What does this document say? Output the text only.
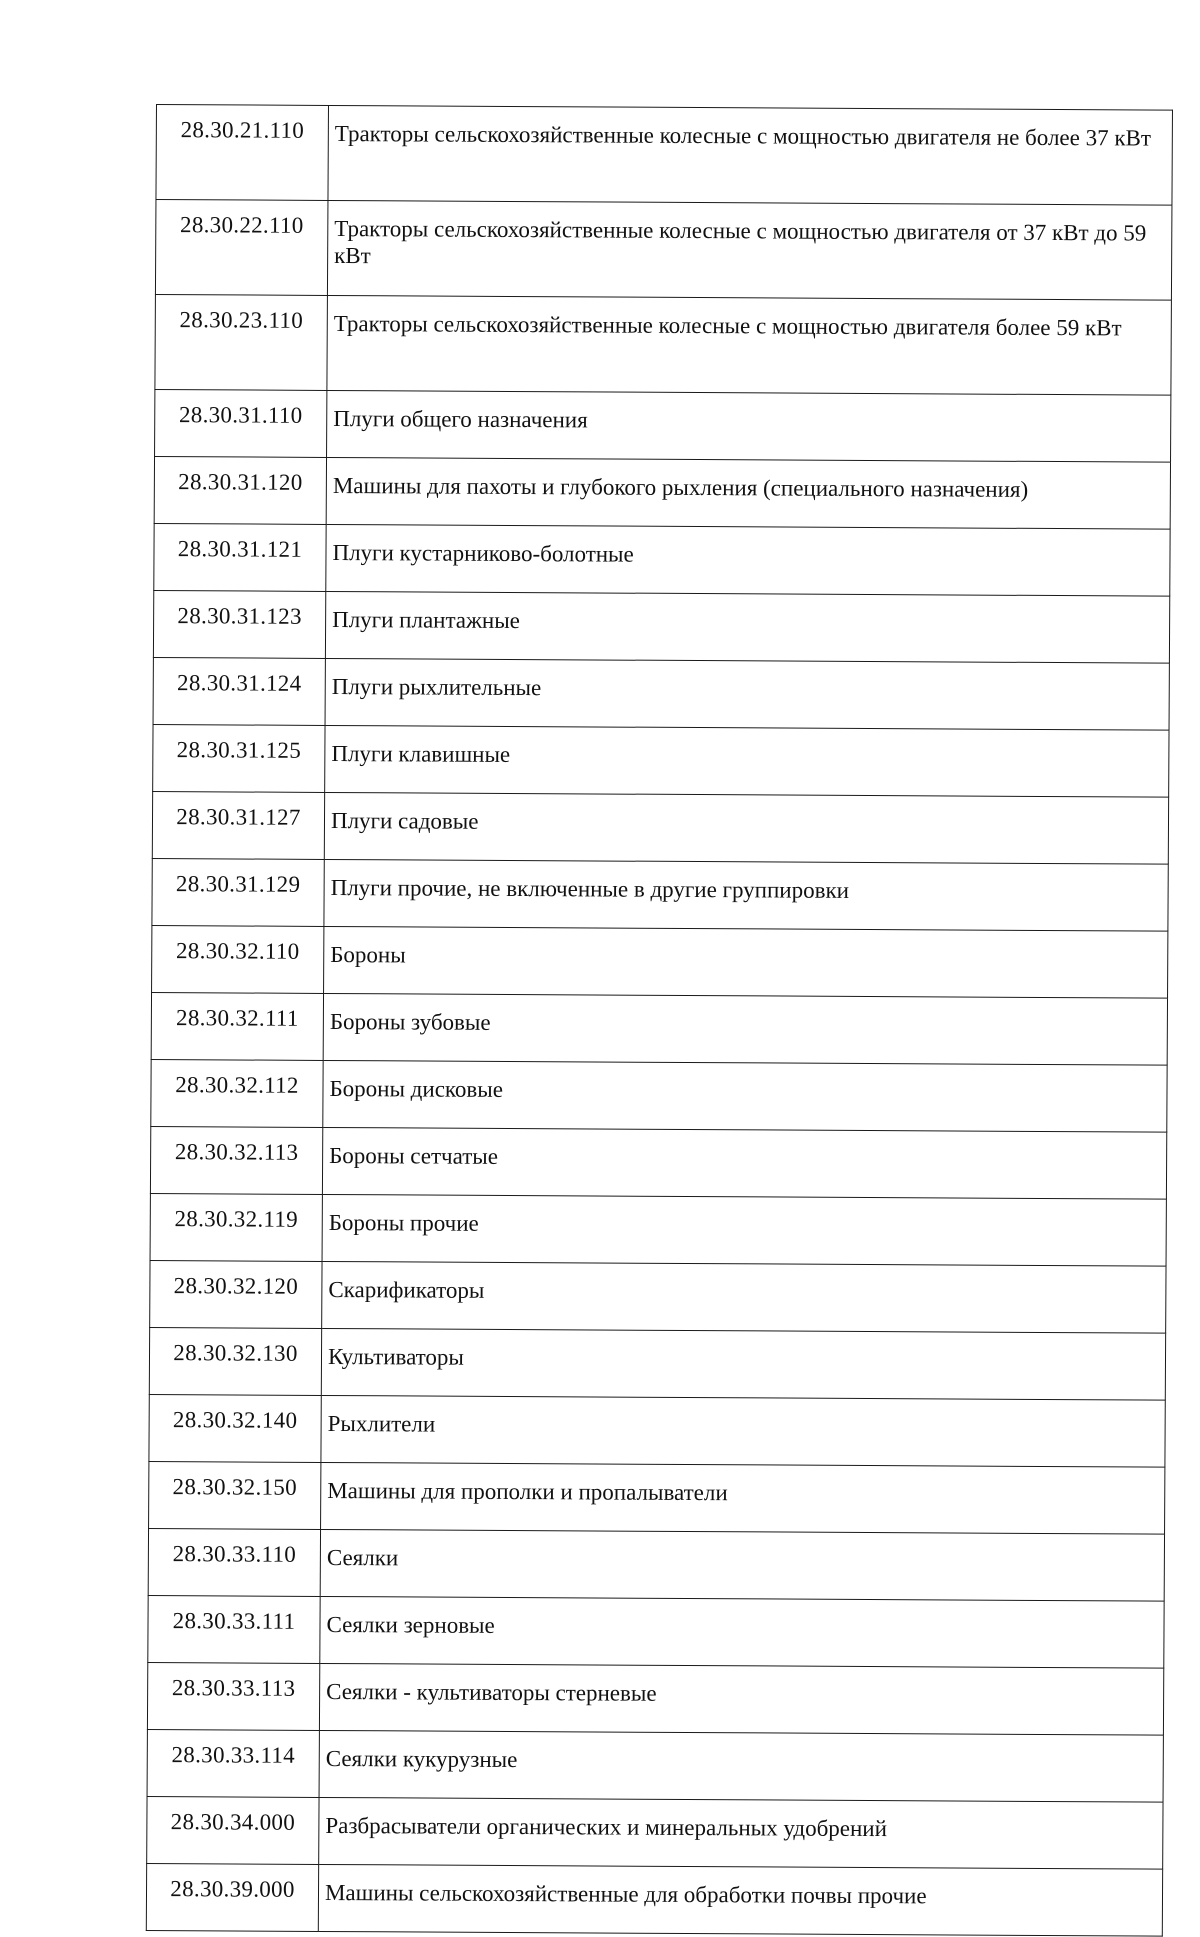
28.30.21.110	Тракторы сельскохозяйственные колесные с мощностью двигателя не более 37 кВт
28.30.22.110	Тракторы сельскохозяйственные колесные с мощностью двигателя от 37 кВт до 59 кВт
28.30.23.110	Тракторы сельскохозяйственные колесные с мощностью двигателя более 59 кВт
28.30.31.110	Плуги общего назначения
28.30.31.120	Машины для пахоты и глубокого рыхления (специального назначения)
28.30.31.121	Плуги кустарниково-болотные
28.30.31.123	Плуги плантажные
28.30.31.124	Плуги рыхлительные
28.30.31.125	Плуги клавишные
28.30.31.127	Плуги садовые
28.30.31.129	Плуги прочие, не включенные в другие группировки
28.30.32.110	Бороны
28.30.32.111	Бороны зубовые
28.30.32.112	Бороны дисковые
28.30.32.113	Бороны сетчатые
28.30.32.119	Бороны прочие
28.30.32.120	Скарификаторы
28.30.32.130	Культиваторы
28.30.32.140	Рыхлители
28.30.32.150	Машины для прополки и пропалыватели
28.30.33.110	Сеялки
28.30.33.111	Сеялки зерновые
28.30.33.113	Сеялки - культиваторы стерневые
28.30.33.114	Сеялки кукурузные
28.30.34.000	Разбрасыватели органических и минеральных удобрений
28.30.39.000	Машины сельскохозяйственные для обработки почвы прочие
